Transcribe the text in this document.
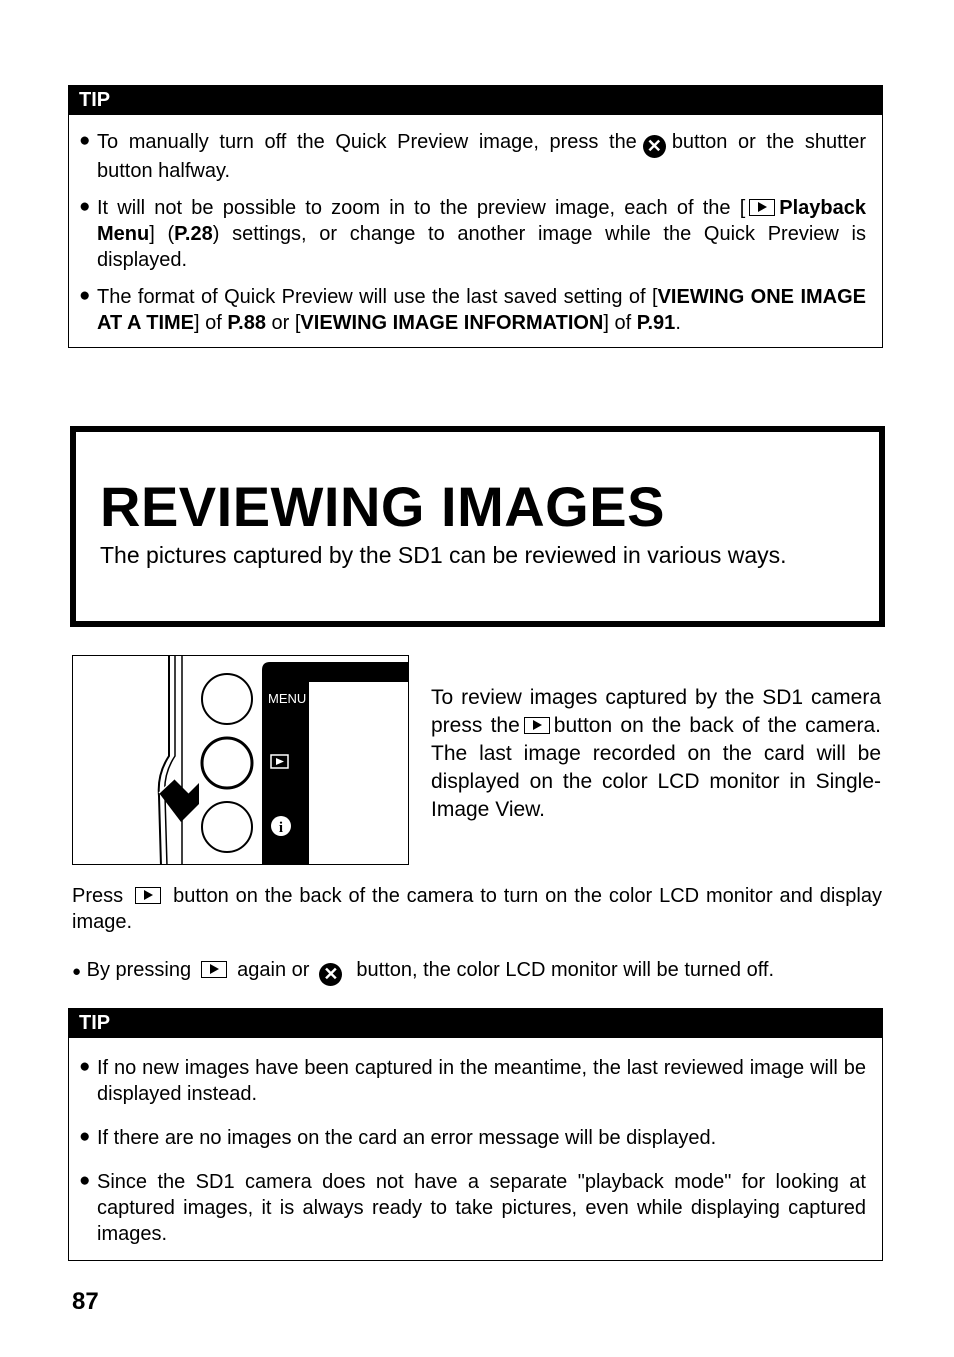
TIP
● To manually turn off the Quick Preview image, press the ✕ button or the shutter button halfway.
● It will not be possible to zoom in to the preview image, each of the [ Playback Menu] (P.28) settings, or change to another image while the Quick Preview is displayed.
● The format of Quick Preview will use the last saved setting of [VIEWING ONE IMAGE AT A TIME] of P.88 or [VIEWING IMAGE INFORMATION] of P.91.
REVIEWING IMAGES

The pictures captured by the SD1 can be reviewed in various ways.

MENU
i

To review images captured by the SD1 camera press the button on the back of the camera. The last image recorded on the card will be displayed on the color LCD monitor in Single-Image View.

Press	button on the back of the camera to turn on the color LCD monitor and display image.

● By pressing again or ✕ button, the color LCD monitor will be turned off.

TIP
● If no new images have been captured in the meantime, the last reviewed image will be displayed instead.
● If there are no images on the card an error message will be displayed.
● Since the SD1 camera does not have a separate "playback mode" for looking at captured images, it is always ready to take pictures, even while displaying captured images.

87
